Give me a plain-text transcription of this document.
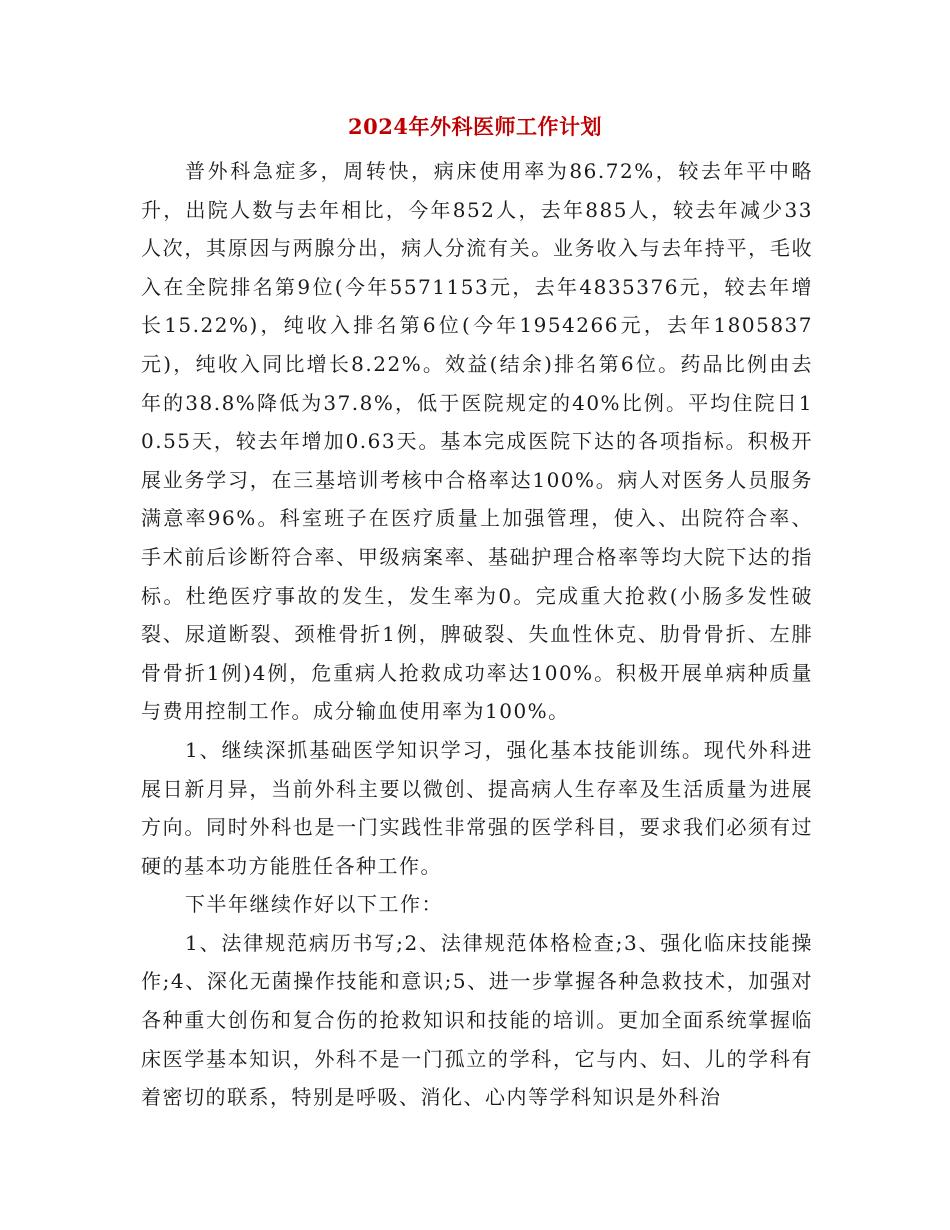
2024年外科医师工作计划

普外科急症多，周转快，病床使用率为86.72%，较去年平中略升，出院人数与去年相比，今年852人，去年885人，较去年减少33人次，其原因与两腺分出，病人分流有关。业务收入与去年持平，毛收入在全院排名第9位(今年5571153元，去年4835376元，较去年增长15.22%)，纯收入排名第6位(今年1954266元，去年1805837元)，纯收入同比增长8.22%。效益(结余)排名第6位。药品比例由去年的38.8%降低为37.8%，低于医院规定的40%比例。平均住院日10.55天，较去年增加0.63天。基本完成医院下达的各项指标。积极开展业务学习，在三基培训考核中合格率达100%。病人对医务人员服务满意率96%。科室班子在医疗质量上加强管理，使入、出院符合率、手术前后诊断符合率、甲级病案率、基础护理合格率等均大院下达的指标。杜绝医疗事故的发生，发生率为0。完成重大抢救(小肠多发性破裂、尿道断裂、颈椎骨折1例，脾破裂、失血性休克、肋骨骨折、左腓骨骨折1例)4例，危重病人抢救成功率达100%。积极开展单病种质量与费用控制工作。成分输血使用率为100%。

1、继续深抓基础医学知识学习，强化基本技能训练。现代外科进展日新月异，当前外科主要以微创、提高病人生存率及生活质量为进展方向。同时外科也是一门实践性非常强的医学科目，要求我们必须有过硬的基本功方能胜任各种工作。

下半年继续作好以下工作：

1、法律规范病历书写;2、法律规范体格检查;3、强化临床技能操作;4、深化无菌操作技能和意识;5、进一步掌握各种急救技术，加强对各种重大创伤和复合伤的抢救知识和技能的培训。更加全面系统掌握临床医学基本知识，外科不是一门孤立的学科，它与内、妇、儿的学科有着密切的联系，特别是呼吸、消化、心内等学科知识是外科治
